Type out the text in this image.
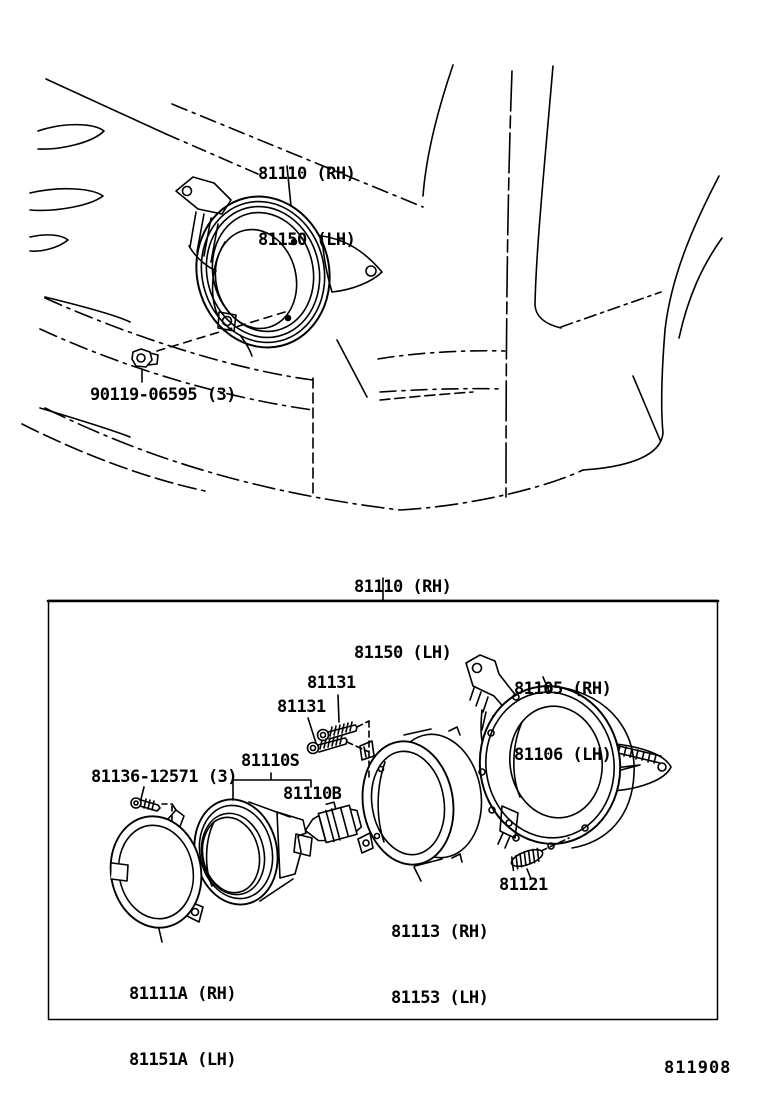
81110 (RH)

81150 (LH)

90119-06595 (3)

81110 (RH)

81150 (LH)

81105 (RH)

81106 (LH)

81131
81131
81110S
81110B
81136-12571 (3)

81113 (RH)

81153 (LH)

81121

81111A (RH)

81151A (LH)	811908
